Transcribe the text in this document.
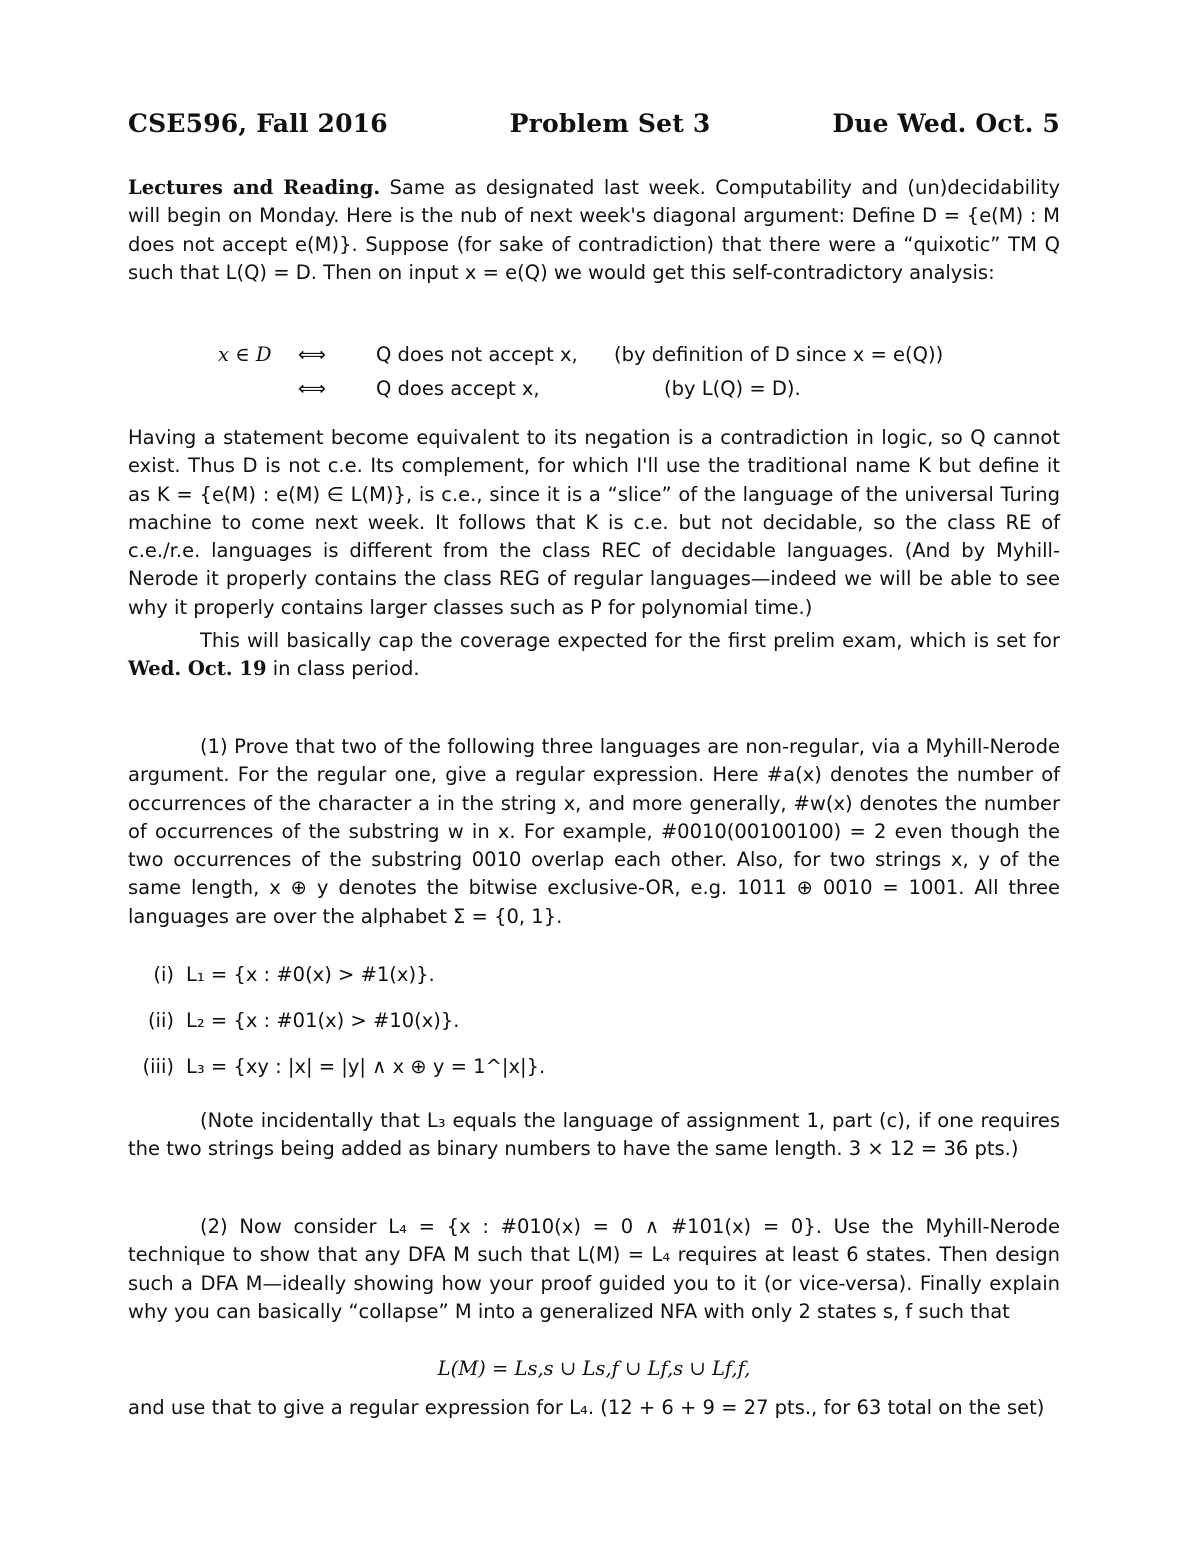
CSE596, Fall 2016	Problem Set 3	Due Wed. Oct. 5

Lectures and Reading. Same as designated last week. Computability and (un)decidability will begin on Monday. Here is the nub of next week's diagonal argument: Define D = {e(M) : M does not accept e(M)}. Suppose (for sake of contradiction) that there were a “quixotic” TM Q such that L(Q) = D. Then on input x = e(Q) we would get this self-contradictory analysis:

x ∈ D ⟺	Q does not accept x, (by definition of D since x = e(Q))
⟺	Q does accept x,	(by L(Q) = D).

Having a statement become equivalent to its negation is a contradiction in logic, so Q cannot exist. Thus D is not c.e. Its complement, for which I'll use the traditional name K but define it as K = {e(M) : e(M) ∈ L(M)}, is c.e., since it is a “slice” of the language of the universal Turing machine to come next week. It follows that K is c.e. but not decidable, so the class RE of c.e./r.e. languages is different from the class REC of decidable languages. (And by Myhill-Nerode it properly contains the class REG of regular languages—indeed we will be able to see why it properly contains larger classes such as P for polynomial time.)

This will basically cap the coverage expected for the first prelim exam, which is set for Wed. Oct. 19 in class period.

(1) Prove that two of the following three languages are non-regular, via a Myhill-Nerode argument. For the regular one, give a regular expression. Here #a(x) denotes the number of occurrences of the character a in the string x, and more generally, #w(x) denotes the number of occurrences of the substring w in x. For example, #0010(00100100) = 2 even though the two occurrences of the substring 0010 overlap each other. Also, for two strings x, y of the same length, x ⊕ y denotes the bitwise exclusive-OR, e.g. 1011 ⊕ 0010 = 1001. All three languages are over the alphabet Σ = {0, 1}.

(i) L₁ = {x : #0(x) > #1(x)}.
(ii) L₂ = {x : #01(x) > #10(x)}.
(iii) L₃ = {xy : |x| = |y| ∧ x ⊕ y = 1^|x|}.

(Note incidentally that L₃ equals the language of assignment 1, part (c), if one requires the two strings being added as binary numbers to have the same length. 3 × 12 = 36 pts.)

(2) Now consider L₄ = {x : #010(x) = 0 ∧ #101(x) = 0}. Use the Myhill-Nerode technique to show that any DFA M such that L(M) = L₄ requires at least 6 states. Then design such a DFA M—ideally showing how your proof guided you to it (or vice-versa). Finally explain why you can basically “collapse” M into a generalized NFA with only 2 states s, f such that

L(M) = Ls,s ∪ Ls,f ∪ Lf,s ∪ Lf,f,

and use that to give a regular expression for L₄. (12 + 6 + 9 = 27 pts., for 63 total on the set)
